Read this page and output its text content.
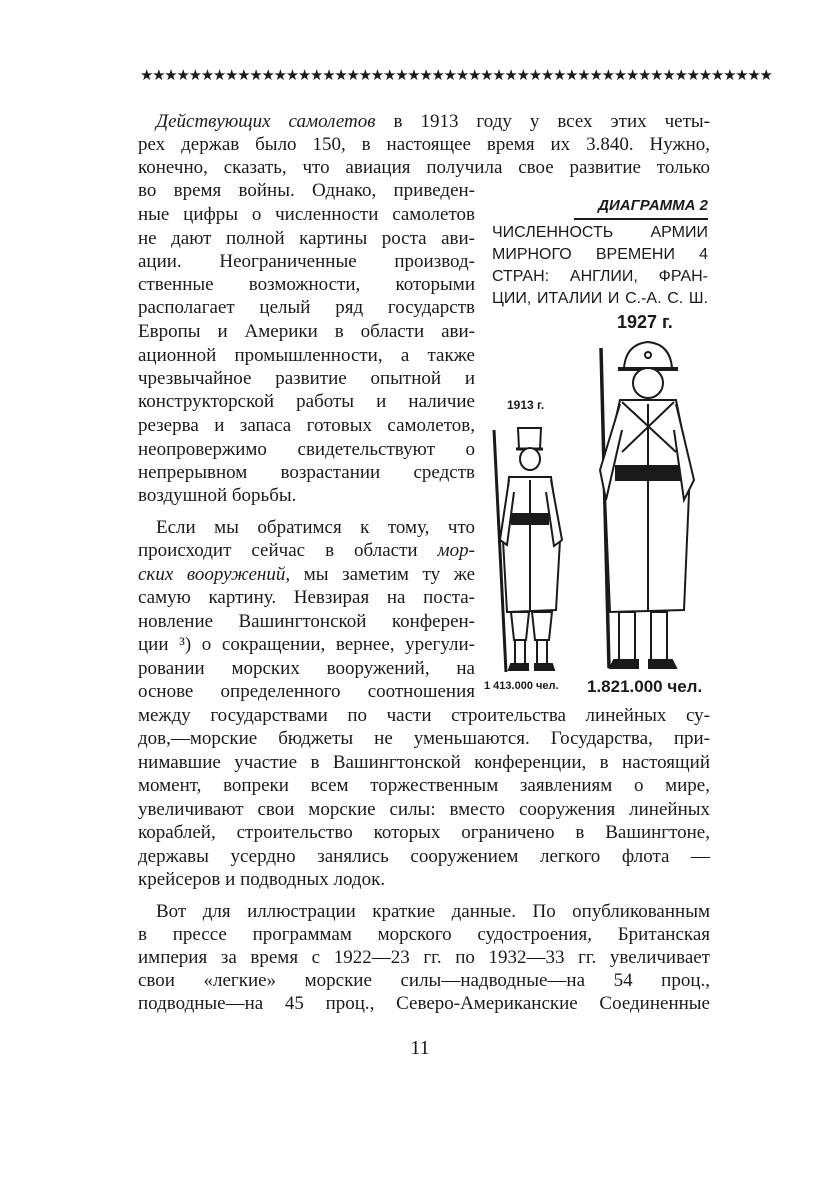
★★★★★★★★★★★★★★★★★★★★★★★★★★★★★★★★★★★★★★★★★★★★★★★★★★★★
Действующих самолетов в 1913 году у всех этих четы-
рех держав было 150, в настоящее время их 3.840. Нужно,
конечно, сказать, что авиация получила свое развитие только
во время войны. Однако, приведен-
ные цифры о численности самолетов
не дают полной картины роста ави-
ации. Неограниченные производ-
ственные возможности, которыми
располагает целый ряд государств
Европы и Америки в области ави-
ационной промышленности, а также
чрезвычайное развитие опытной и
конструкторской работы и наличие
резерва и запаса готовых самолетов,
неопровержимо свидетельствуют о
непрерывном возрастании средств
воздушной борьбы.
Если мы обратимся к тому, что
происходит сейчас в области мор-
ских вооружений, мы заметим ту же
самую картину. Невзирая на поста-
новление Вашингтонской конферен-
ции ³) о сокращении, вернее, урегули-
ровании морских вооружений, на
основе определенного соотношения
между государствами по части строительства линейных су-
дов,—морские бюджеты не уменьшаются. Государства, при-
нимавшие участие в Вашингтонской конференции, в настоящий
момент, вопреки всем торжественным заявлениям о мире,
увеличивают свои морские силы: вместо сооружения линейных
кораблей, строительство которых ограничено в Вашингтоне,
державы усердно занялись сооружением легкого флота —
крейсеров и подводных лодок.
Вот для иллюстрации краткие данные. По опубликованным
в прессе программам морского судостроения, Британская
империя за время с 1922—23 гг. по 1932—33 гг. увеличивает
свои «легкие» морские силы—надводные—на 54 проц.,
подводные—на 45 проц., Северо-Американские Соединенные
ДИАГРАММА 2
ЧИСЛЕННОСТЬ АРМИИ
МИРНОГО ВРЕМЕНИ 4
СТРАН: АНГЛИИ, ФРАН-
ЦИИ, ИТАЛИИ И С.-А. С. Ш.
1913 г.
1927 г.
1 413.000 чел. 1.821.000 чел.
11
